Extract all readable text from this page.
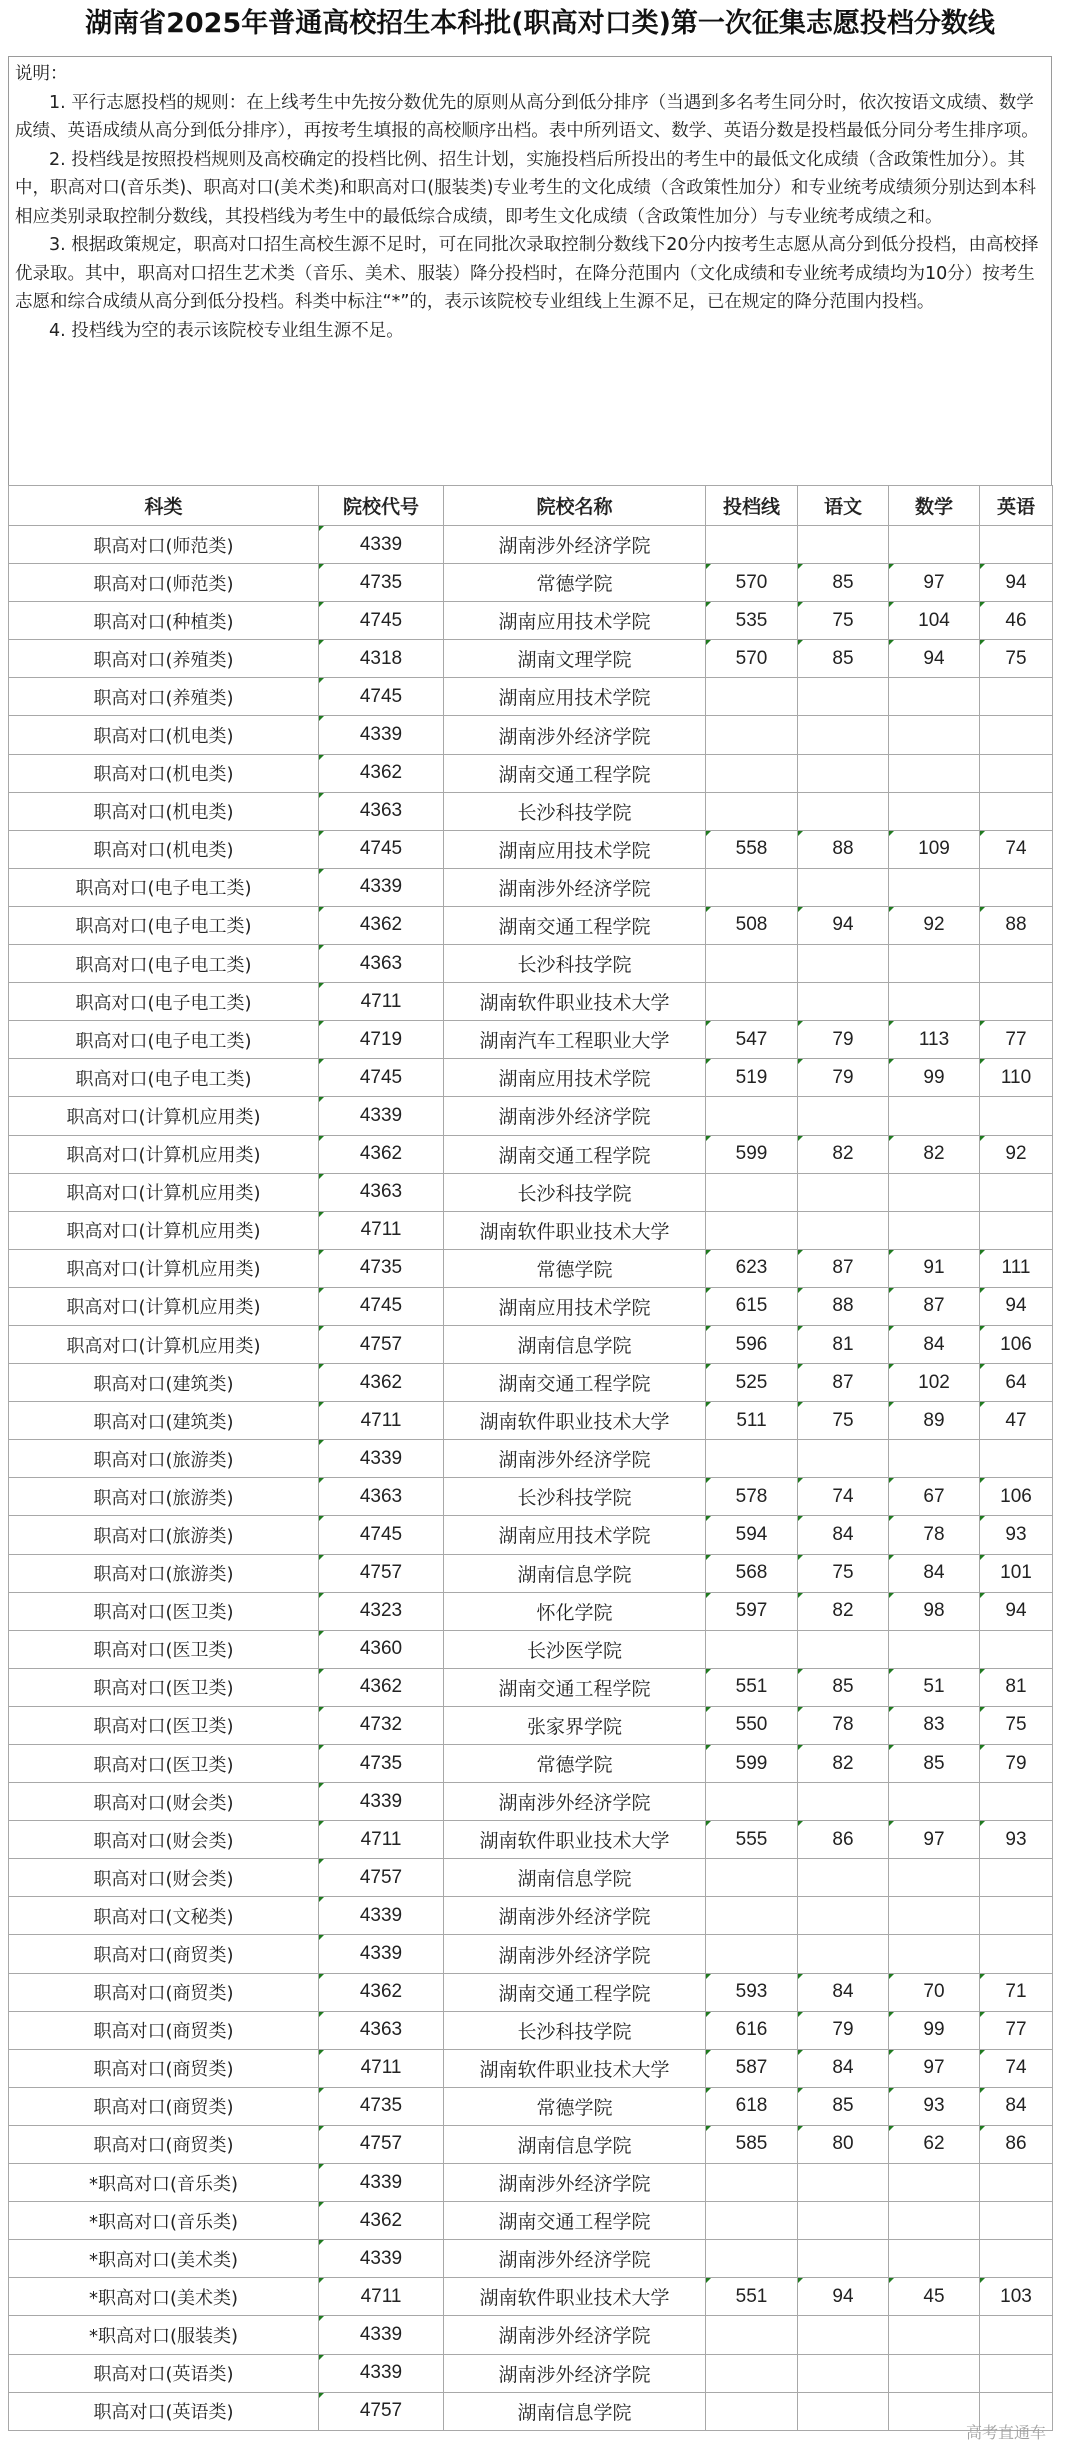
湖南省2025年普通高校招生本科批(职高对口类)第一次征集志愿投档分数线

说明：

1. 平行志愿投档的规则：在上线考生中先按分数优先的原则从高分到低分排序（当遇到多名考生同分时，依次按语文成绩、数学成绩、英语成绩从高分到低分排序），再按考生填报的高校顺序出档。表中所列语文、数学、英语分数是投档最低分同分考生排序项。

2. 投档线是按照投档规则及高校确定的投档比例、招生计划，实施投档后所投出的考生中的最低文化成绩（含政策性加分）。其中，职高对口(音乐类)、职高对口(美术类)和职高对口(服装类)专业考生的文化成绩（含政策性加分）和专业统考成绩须分别达到本科相应类别录取控制分数线，其投档线为考生中的最低综合成绩，即考生文化成绩（含政策性加分）与专业统考成绩之和。

3. 根据政策规定，职高对口招生高校生源不足时，可在同批次录取控制分数线下20分内按考生志愿从高分到低分投档，由高校择优录取。其中，职高对口招生艺术类（音乐、美术、服装）降分投档时，在降分范围内（文化成绩和专业统考成绩均为10分）按考生志愿和综合成绩从高分到低分投档。科类中标注“*”的，表示该院校专业组线上生源不足，已在规定的降分范围内投档。

4. 投档线为空的表示该院校专业组生源不足。

科类	院校代号	院校名称	投档线	语文	数学	英语
职高对口(师范类)	4339	湖南涉外经济学院				
职高对口(师范类)	4735	常德学院	570	85	97	94
职高对口(种植类)	4745	湖南应用技术学院	535	75	104	46
职高对口(养殖类)	4318	湖南文理学院	570	85	94	75
职高对口(养殖类)	4745	湖南应用技术学院				
职高对口(机电类)	4339	湖南涉外经济学院				
职高对口(机电类)	4362	湖南交通工程学院				
职高对口(机电类)	4363	长沙科技学院				
职高对口(机电类)	4745	湖南应用技术学院	558	88	109	74
职高对口(电子电工类)	4339	湖南涉外经济学院				
职高对口(电子电工类)	4362	湖南交通工程学院	508	94	92	88
职高对口(电子电工类)	4363	长沙科技学院				
职高对口(电子电工类)	4711	湖南软件职业技术大学				
职高对口(电子电工类)	4719	湖南汽车工程职业大学	547	79	113	77
职高对口(电子电工类)	4745	湖南应用技术学院	519	79	99	110
职高对口(计算机应用类)	4339	湖南涉外经济学院				
职高对口(计算机应用类)	4362	湖南交通工程学院	599	82	82	92
职高对口(计算机应用类)	4363	长沙科技学院				
职高对口(计算机应用类)	4711	湖南软件职业技术大学				
职高对口(计算机应用类)	4735	常德学院	623	87	91	111
职高对口(计算机应用类)	4745	湖南应用技术学院	615	88	87	94
职高对口(计算机应用类)	4757	湖南信息学院	596	81	84	106
职高对口(建筑类)	4362	湖南交通工程学院	525	87	102	64
职高对口(建筑类)	4711	湖南软件职业技术大学	511	75	89	47
职高对口(旅游类)	4339	湖南涉外经济学院				
职高对口(旅游类)	4363	长沙科技学院	578	74	67	106
职高对口(旅游类)	4745	湖南应用技术学院	594	84	78	93
职高对口(旅游类)	4757	湖南信息学院	568	75	84	101
职高对口(医卫类)	4323	怀化学院	597	82	98	94
职高对口(医卫类)	4360	长沙医学院				
职高对口(医卫类)	4362	湖南交通工程学院	551	85	51	81
职高对口(医卫类)	4732	张家界学院	550	78	83	75
职高对口(医卫类)	4735	常德学院	599	82	85	79
职高对口(财会类)	4339	湖南涉外经济学院				
职高对口(财会类)	4711	湖南软件职业技术大学	555	86	97	93
职高对口(财会类)	4757	湖南信息学院				
职高对口(文秘类)	4339	湖南涉外经济学院				
职高对口(商贸类)	4339	湖南涉外经济学院				
职高对口(商贸类)	4362	湖南交通工程学院	593	84	70	71
职高对口(商贸类)	4363	长沙科技学院	616	79	99	77
职高对口(商贸类)	4711	湖南软件职业技术大学	587	84	97	74
职高对口(商贸类)	4735	常德学院	618	85	93	84
职高对口(商贸类)	4757	湖南信息学院	585	80	62	86
*职高对口(音乐类)	4339	湖南涉外经济学院				
*职高对口(音乐类)	4362	湖南交通工程学院				
*职高对口(美术类)	4339	湖南涉外经济学院				
*职高对口(美术类)	4711	湖南软件职业技术大学	551	94	45	103
*职高对口(服装类)	4339	湖南涉外经济学院				
职高对口(英语类)	4339	湖南涉外经济学院				
职高对口(英语类)	4757	湖南信息学院				
高考直通车
